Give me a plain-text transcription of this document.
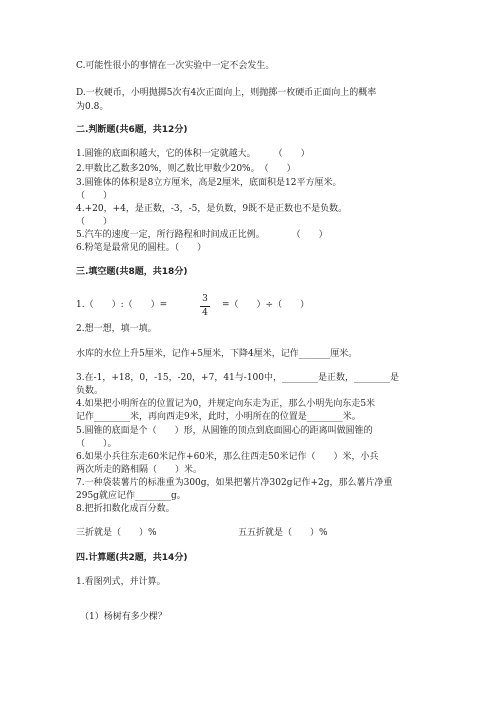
C.可能性很小的事情在一次实验中一定不会发生。
D.一枚硬币，小明抛掷5次有4次正面向上，则抛掷一枚硬币正面向上的概率
为0.8。
二.判断题(共6题，共12分)
1.圆锥的底面积越大，它的体积一定就越大。　　　（　　）
2.甲数比乙数多20%，则乙数比甲数少20%。　（　　）
3.圆锥体的体积是8立方厘米，高是2厘米，底面积是12平方厘米。
（　　）
4.+20，+4，是正数，-3，-5，是负数，9既不是正数也不是负数。
（　　）
5.汽车的速度一定，所行路程和时间成正比例。　　　　（　　）
6.粉笔是最常见的圆柱。（　　）
三.填空题(共8题，共18分)
1.（　　）:（　　）=
3
4
=（　　）÷（　　）
2.想一想，填一填。
水库的水位上升5厘米，记作+5厘米，下降4厘米，记作_______厘米。
3.在-1，+18，0，-15，-20，+7，41与-100中，________是正数，________是
负数。
4.如果把小明所在的位置记为0，并规定向东走为正，那么小明先向东走5米
记作________米，再向西走9米，此时，小明所在的位置是________米。
5.圆锥的底面是个（　　）形，从圆锥的顶点到底面圆心的距离叫做圆锥的
（　　）。
6.如果小兵往东走60米记作+60米，那么往西走50米记作（　　）米，小兵
两次所走的路相隔（　　）米。
7.一种袋装薯片的标准重为300g，如果把薯片净302g记作+2g，那么薯片净重
295g就应记作________g。
8.把折扣数化成百分数。
三折就是（　　）%	五五折就是（　　）%
四.计算题(共2题，共14分)
1.看图列式，并计算。
（1）杨树有多少棵？
